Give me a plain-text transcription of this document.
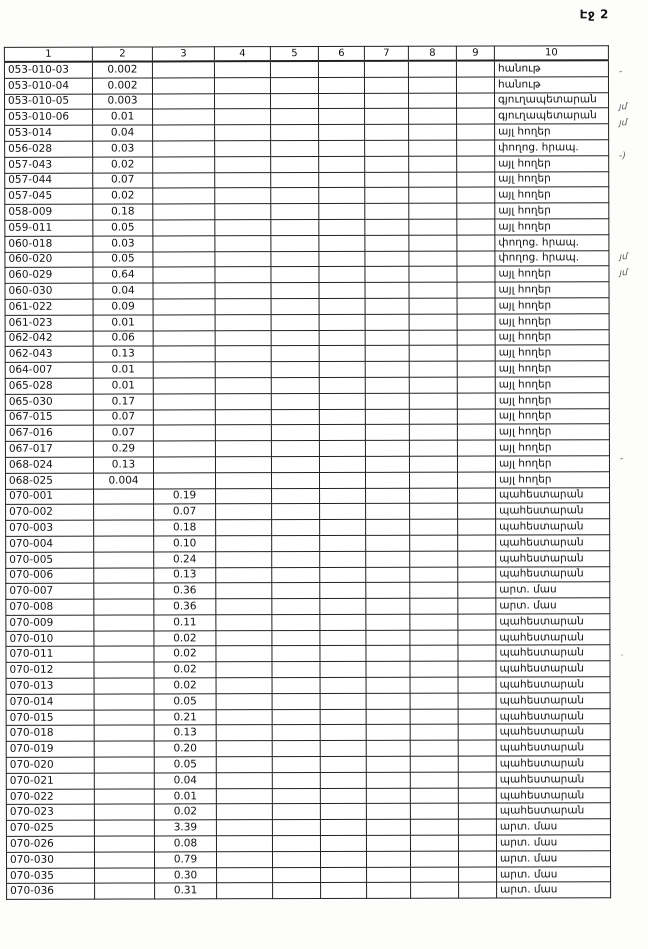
Էջ 2
1	2	3	4	5	6	7	8	9	10
053-010-03	0.002								հանութ
053-010-04	0.002								հանութ
053-010-05	0.003								գյուղապետարան
053-010-06	0.01								գյուղապետարան
053-014	0.04								այլ հողեր
056-028	0.03								փողոց. հրապ.
057-043	0.02								այլ հողեր
057-044	0.07								այլ հողեր
057-045	0.02								այլ հողեր
058-009	0.18								այլ հողեր
059-011	0.05								այլ հողեր
060-018	0.03								փողոց. հրապ.
060-020	0.05								փողոց. հրապ.
060-029	0.64								այլ հողեր
060-030	0.04								այլ հողեր
061-022	0.09								այլ հողեր
061-023	0.01								այլ հողեր
062-042	0.06								այլ հողեր
062-043	0.13								այլ հողեր
064-007	0.01								այլ հողեր
065-028	0.01								այլ հողեր
065-030	0.17								այլ հողեր
067-015	0.07								այլ հողեր
067-016	0.07								այլ հողեր
067-017	0.29								այլ հողեր
068-024	0.13								այլ հողեր
068-025	0.004								այլ հողեր
070-001		0.19							պահեստարան
070-002		0.07							պահեստարան
070-003		0.18							պահեստարան
070-004		0.10							պահեստարան
070-005		0.24							պահեստարան
070-006		0.13							պահեստարան
070-007		0.36							արտ. մաս
070-008		0.36							արտ. մաս
070-009		0.11							պահեստարան
070-010		0.02							պահեստարան
070-011		0.02							պահեստարան
070-012		0.02							պահեստարան
070-013		0.02							պահեստարան
070-014		0.05							պահեստարան
070-015		0.21							պահեստարան
070-018		0.13							պահեստարան
070-019		0.20							պահեստարան
070-020		0.05							պահեստարան
070-021		0.04							պահեստարան
070-022		0.01							պահեստարան
070-023		0.02							պահեստարան
070-025		3.39							արտ. մաս
070-026		0.08							արտ. մաս
070-030		0.79							արտ. մաս
070-035		0.30							արտ. մաս
070-036		0.31							արտ. մաս
-
յմ
յմ
֊)
յմ
յմ
-
·
